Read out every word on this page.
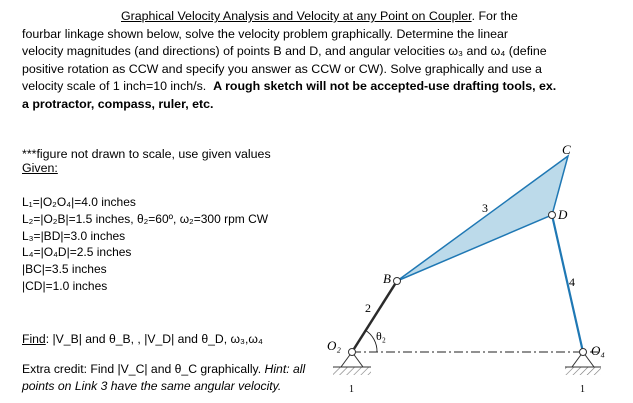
Graphical Velocity Analysis and Velocity at any Point on Coupler. For the
fourbar linkage shown below, solve the velocity problem graphically. Determine the linear
velocity magnitudes (and directions) of points B and D, and angular velocities ω₃ and ω₄ (define
positive rotation as CCW and specify you answer as CCW or CW). Solve graphically and use a
velocity scale of 1 inch=10 inch/s. A rough sketch will not be accepted-use drafting tools, ex.
a protractor, compass, ruler, etc.
***figure not drawn to scale, use given values
Given:
L₁=|O₂O₄|=4.0 inches
L₂=|O₂B|=1.5 inches, θ₂=60º, ω₂=300 rpm CW
L₃=|BD|=3.0 inches
L₄=|O₄D|=2.5 inches
|BC|=3.5 inches
|CD|=1.0 inches
Find: |V_B| and θ_B, , |V_D| and θ_D, ω₃,ω₄
Extra credit: Find |V_C| and θ_C graphically. Hint: all
points on Link 3 have the same angular velocity.
θ₂
C
D
B
O₂	O₄
2
3
4
1	1
